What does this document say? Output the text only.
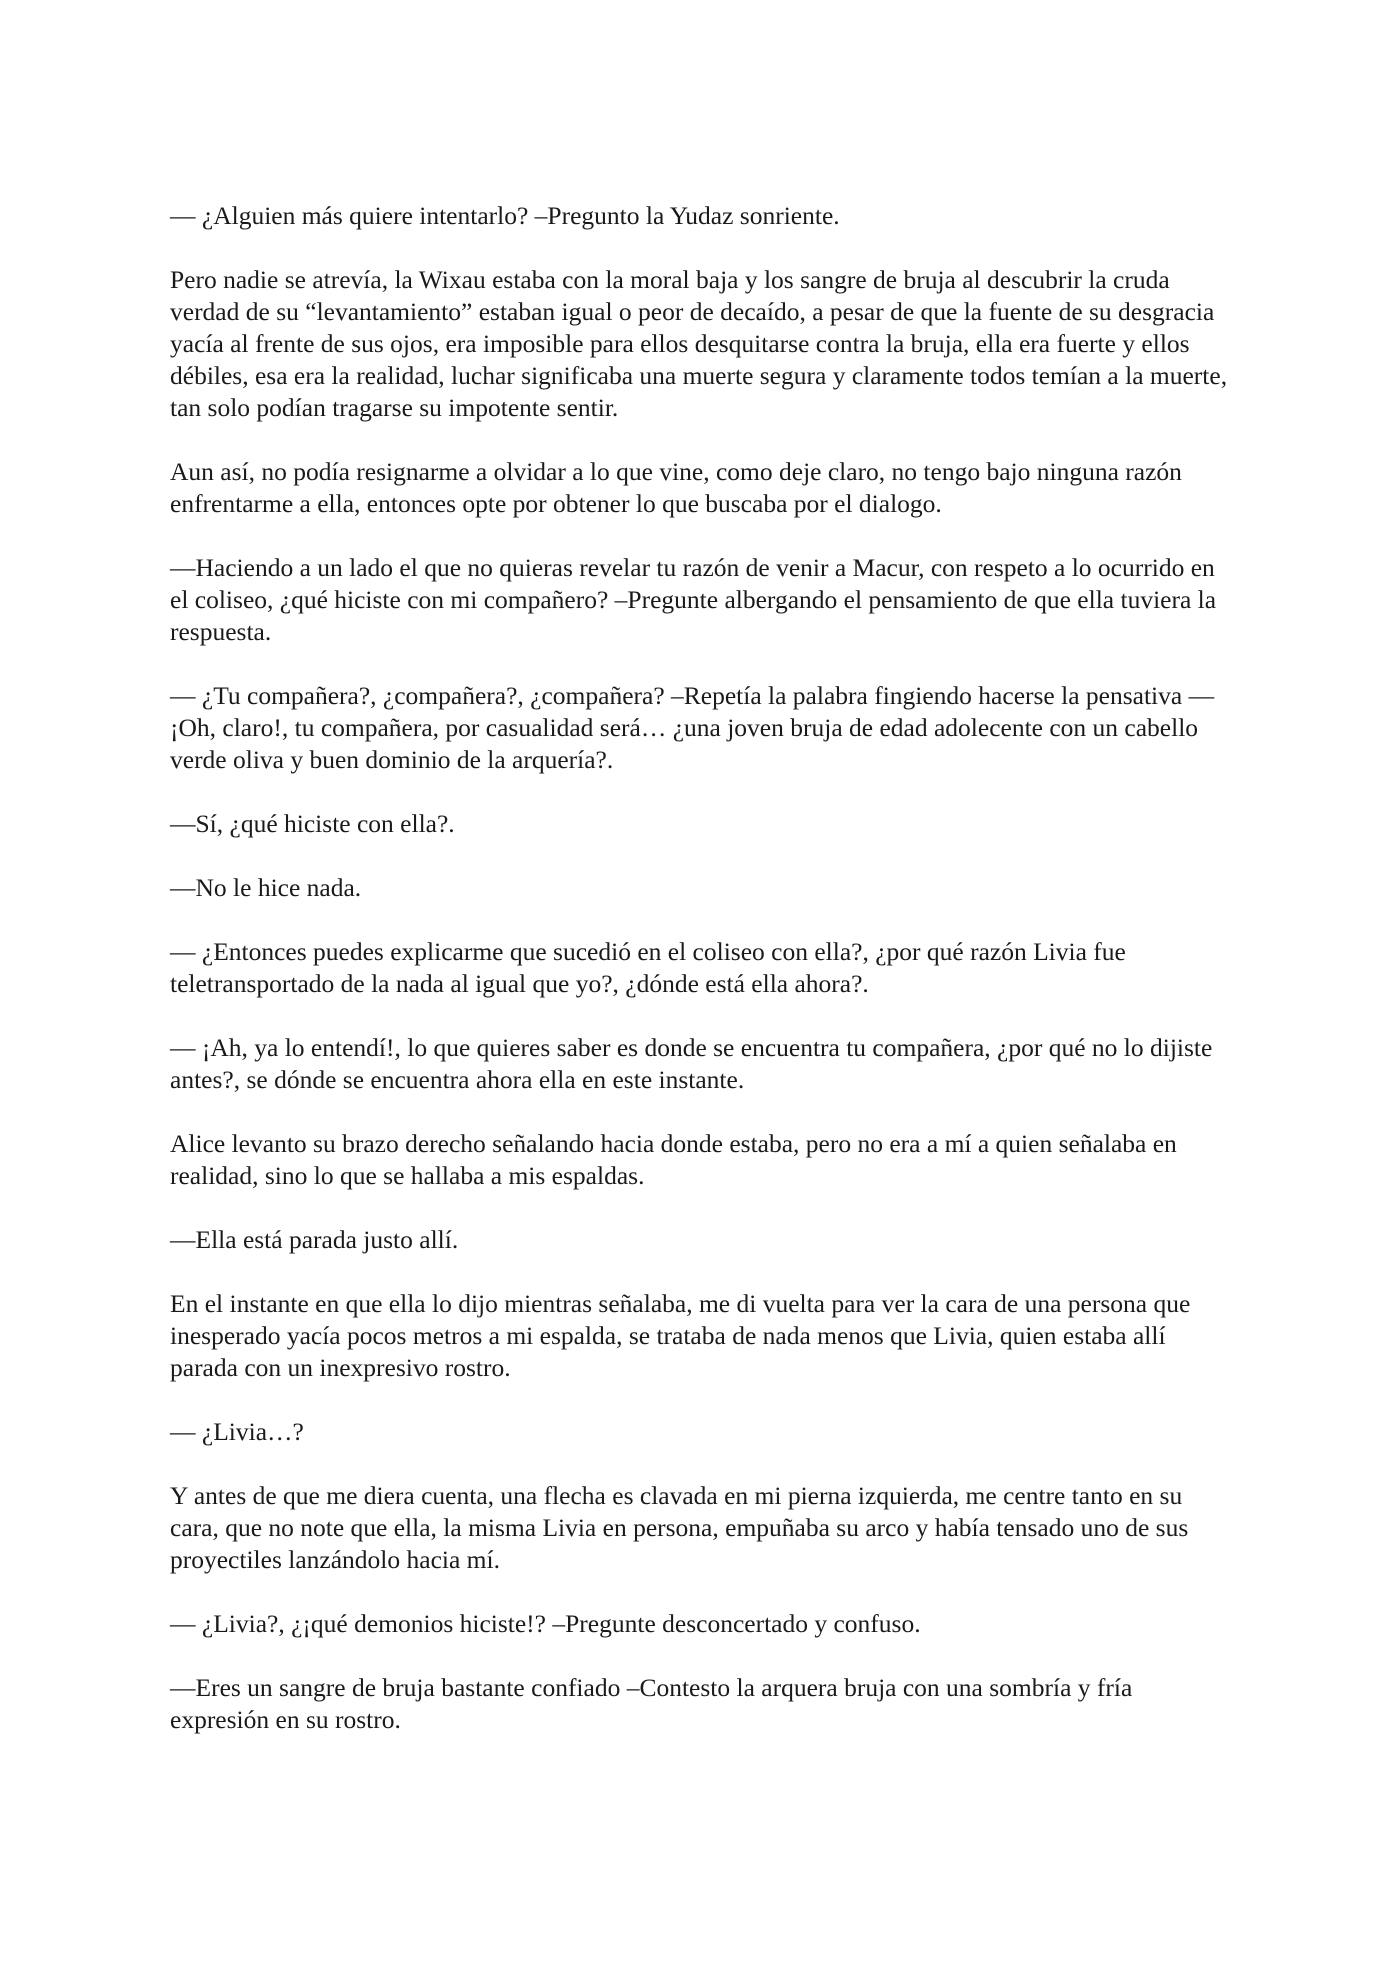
— ¿Alguien más quiere intentarlo? –Pregunto la Yudaz sonriente.

Pero nadie se atrevía, la Wixau estaba con la moral baja y los sangre de bruja al descubrir la cruda verdad de su “levantamiento” estaban igual o peor de decaído, a pesar de que la fuente de su desgracia yacía al frente de sus ojos, era imposible para ellos desquitarse contra la bruja, ella era fuerte y ellos débiles, esa era la realidad, luchar significaba una muerte segura y claramente todos temían a la muerte, tan solo podían tragarse su impotente sentir.

Aun así, no podía resignarme a olvidar a lo que vine, como deje claro, no tengo bajo ninguna razón enfrentarme a ella, entonces opte por obtener lo que buscaba por el dialogo.

—Haciendo a un lado el que no quieras revelar tu razón de venir a Macur, con respeto a lo ocurrido en el coliseo, ¿qué hiciste con mi compañero? –Pregunte albergando el pensamiento de que ella tuviera la respuesta.

— ¿Tu compañera?, ¿compañera?, ¿compañera? –Repetía la palabra fingiendo hacerse la pensativa — ¡Oh, claro!, tu compañera, por casualidad será… ¿una joven bruja de edad adolecente con un cabello verde oliva y buen dominio de la arquería?.

—Sí, ¿qué hiciste con ella?.

—No le hice nada.

— ¿Entonces puedes explicarme que sucedió en el coliseo con ella?, ¿por qué razón Livia fue teletransportado de la nada al igual que yo?, ¿dónde está ella ahora?.

— ¡Ah, ya lo entendí!, lo que quieres saber es donde se encuentra tu compañera, ¿por qué no lo dijiste antes?, se dónde se encuentra ahora ella en este instante.

Alice levanto su brazo derecho señalando hacia donde estaba, pero no era a mí a quien señalaba en realidad, sino lo que se hallaba a mis espaldas.

—Ella está parada justo allí.

En el instante en que ella lo dijo mientras señalaba, me di vuelta para ver la cara de una persona que inesperado yacía pocos metros a mi espalda, se trataba de nada menos que Livia, quien estaba allí parada con un inexpresivo rostro.

— ¿Livia…?

Y antes de que me diera cuenta, una flecha es clavada en mi pierna izquierda, me centre tanto en su cara, que no note que ella, la misma Livia en persona, empuñaba su arco y había tensado uno de sus proyectiles lanzándolo hacia mí.

— ¿Livia?, ¿¡qué demonios hiciste!? –Pregunte desconcertado y confuso.

—Eres un sangre de bruja bastante confiado –Contesto la arquera bruja con una sombría y fría expresión en su rostro.
